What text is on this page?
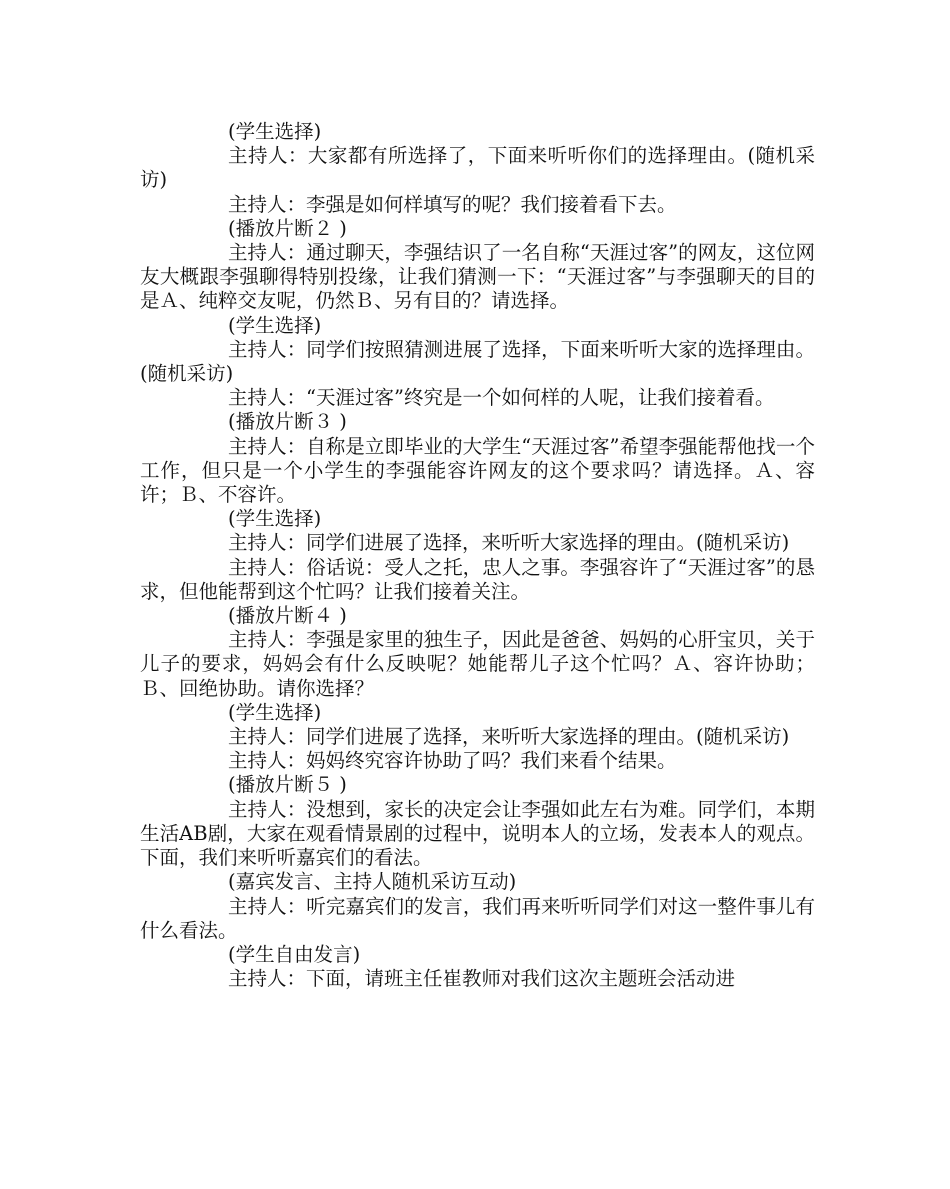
(学生选择)

主持人：大家都有所选择了，下面来听听你们的选择理由。(随机采访)

主持人：李强是如何样填写的呢？我们接着看下去。

(播放片断２ )

主持人：通过聊天，李强结识了一名自称“天涯过客”的网友，这位网友大概跟李强聊得特别投缘，让我们猜测一下：“天涯过客”与李强聊天的目的是Ａ、纯粹交友呢，仍然Ｂ、另有目的？请选择。

(学生选择)

主持人：同学们按照猜测进展了选择，下面来听听大家的选择理由。(随机采访)

主持人：“天涯过客”终究是一个如何样的人呢，让我们接着看。

(播放片断３ )

主持人：自称是立即毕业的大学生“天涯过客”希望李强能帮他找一个工作，但只是一个小学生的李强能容许网友的这个要求吗？请选择。Ａ、容许；Ｂ、不容许。

(学生选择)

主持人：同学们进展了选择，来听听大家选择的理由。(随机采访)

主持人：俗话说：受人之托，忠人之事。李强容许了“天涯过客”的恳求，但他能帮到这个忙吗？让我们接着关注。

(播放片断４ )

主持人：李强是家里的独生子，因此是爸爸、妈妈的心肝宝贝，关于儿子的要求，妈妈会有什么反映呢？她能帮儿子这个忙吗？Ａ、容许协助；Ｂ、回绝协助。请你选择？

(学生选择)

主持人：同学们进展了选择，来听听大家选择的理由。(随机采访)

主持人：妈妈终究容许协助了吗？我们来看个结果。

(播放片断５ )

主持人：没想到，家长的决定会让李强如此左右为难。同学们，本期生活AB剧，大家在观看情景剧的过程中，说明本人的立场，发表本人的观点。下面，我们来听听嘉宾们的看法。

(嘉宾发言、主持人随机采访互动)

主持人：听完嘉宾们的发言，我们再来听听同学们对这一整件事儿有什么看法。

(学生自由发言)

主持人：下面，请班主任崔教师对我们这次主题班会活动进
